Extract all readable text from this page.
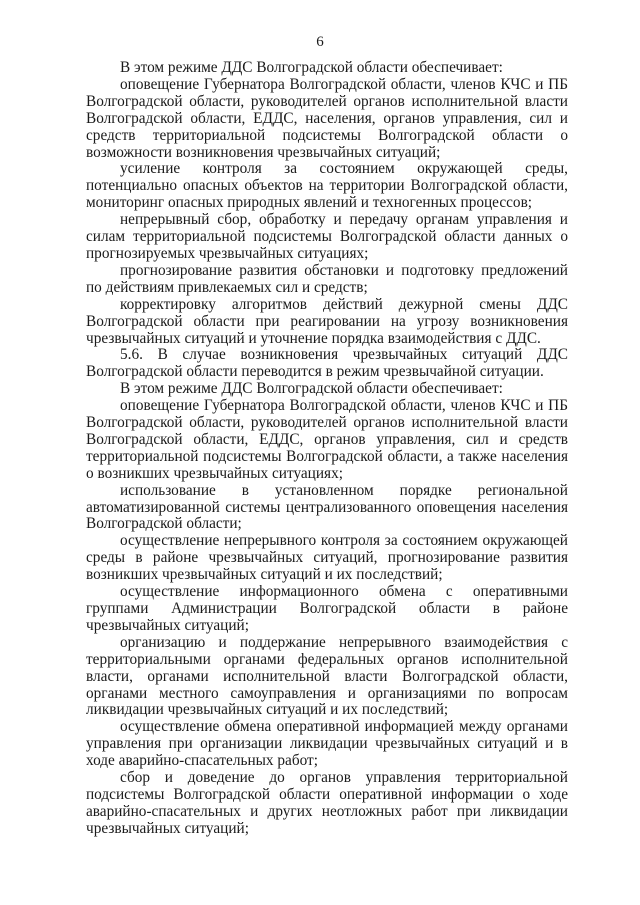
6

В этом режиме ДДС Волгоградской области обеспечивает:

оповещение Губернатора Волгоградской области, членов КЧС и ПБ Волгоградской области, руководителей органов исполнительной власти Волгоградской области, ЕДДС, населения, органов управления, сил и средств территориальной подсистемы Волгоградской области о возможности возникновения чрезвычайных ситуаций;

усиление контроля за состоянием окружающей среды, потенциально опасных объектов на территории Волгоградской области, мониторинг опасных природных явлений и техногенных процессов;

непрерывный сбор, обработку и передачу органам управления и силам территориальной подсистемы Волгоградской области данных о прогнозируемых чрезвычайных ситуациях;

прогнозирование развития обстановки и подготовку предложений по действиям привлекаемых сил и средств;

корректировку алгоритмов действий дежурной смены ДДС Волгоградской области при реагировании на угрозу возникновения чрезвычайных ситуаций и уточнение порядка взаимодействия с ДДС.

5.6. В случае возникновения чрезвычайных ситуаций ДДС Волгоградской области переводится в режим чрезвычайной ситуации.

В этом режиме ДДС Волгоградской области обеспечивает:

оповещение Губернатора Волгоградской области, членов КЧС и ПБ Волгоградской области, руководителей органов исполнительной власти Волгоградской области, ЕДДС, органов управления, сил и средств территориальной подсистемы Волгоградской области, а также населения о возникших чрезвычайных ситуациях;

использование в установленном порядке региональной автоматизированной системы централизованного оповещения населения Волгоградской области;

осуществление непрерывного контроля за состоянием окружающей среды в районе чрезвычайных ситуаций, прогнозирование развития возникших чрезвычайных ситуаций и их последствий;

осуществление информационного обмена с оперативными группами Администрации Волгоградской области в районе чрезвычайных ситуаций;

организацию и поддержание непрерывного взаимодействия с территориальными органами федеральных органов исполнительной власти, органами исполнительной власти Волгоградской области, органами местного самоуправления и организациями по вопросам ликвидации чрезвычайных ситуаций и их последствий;

осуществление обмена оперативной информацией между органами управления при организации ликвидации чрезвычайных ситуаций и в ходе аварийно-спасательных работ;

сбор и доведение до органов управления территориальной подсистемы Волгоградской области оперативной информации о ходе аварийно-спасательных и других неотложных работ при ликвидации чрезвычайных ситуаций;
